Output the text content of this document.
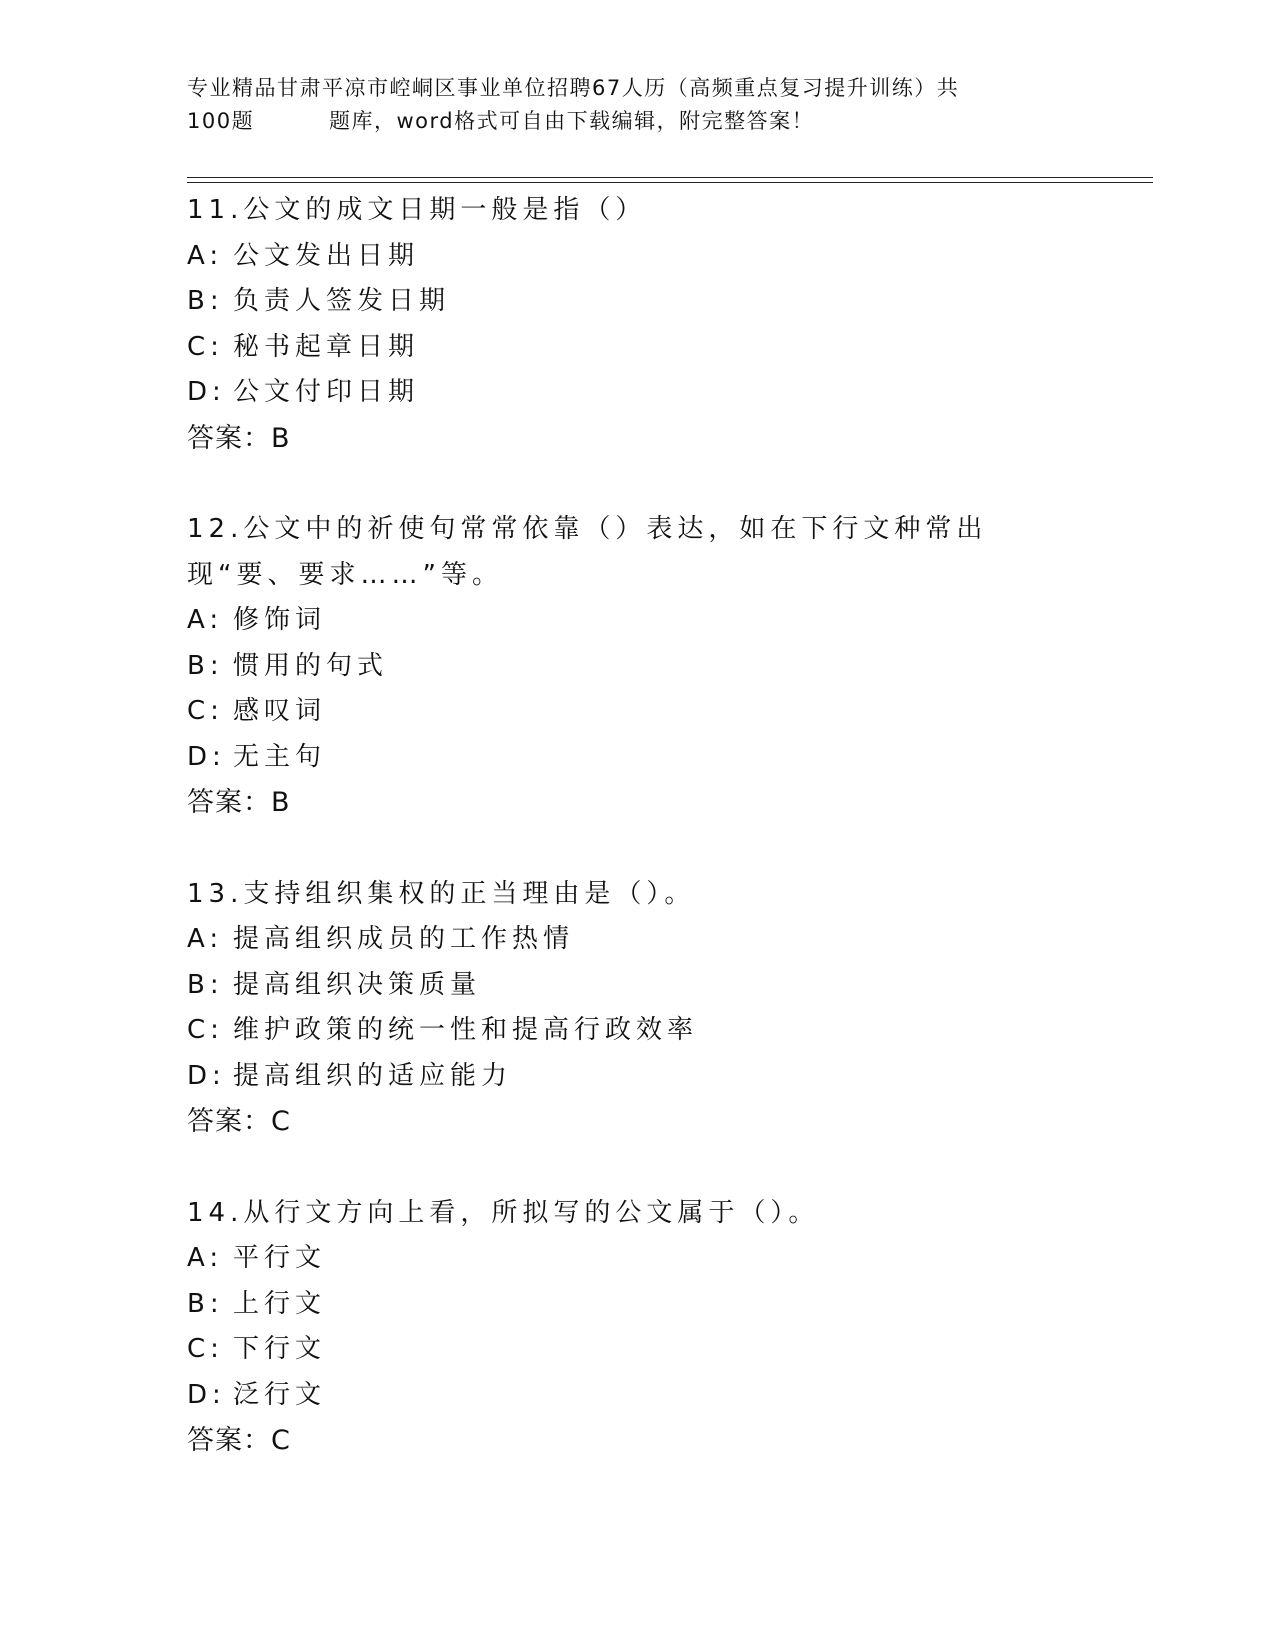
专业精品甘肃平凉市崆峒区事业单位招聘67人历（高频重点复习提升训练）共
100题	题库，word格式可自由下载编辑，附完整答案！

11.公文的成文日期一般是指（）

A: 公文发出日期

B: 负责人签发日期

C: 秘书起章日期

D: 公文付印日期

答案：B

12.公文中的祈使句常常依靠（）表达，如在下行文种常出现“要、要求……”等。

A: 修饰词

B: 惯用的句式

C: 感叹词

D: 无主句

答案：B

13.支持组织集权的正当理由是（）。

A: 提高组织成员的工作热情

B: 提高组织决策质量

C: 维护政策的统一性和提高行政效率

D: 提高组织的适应能力

答案：C

14.从行文方向上看，所拟写的公文属于（）。

A: 平行文

B: 上行文

C: 下行文

D: 泛行文

答案：C
